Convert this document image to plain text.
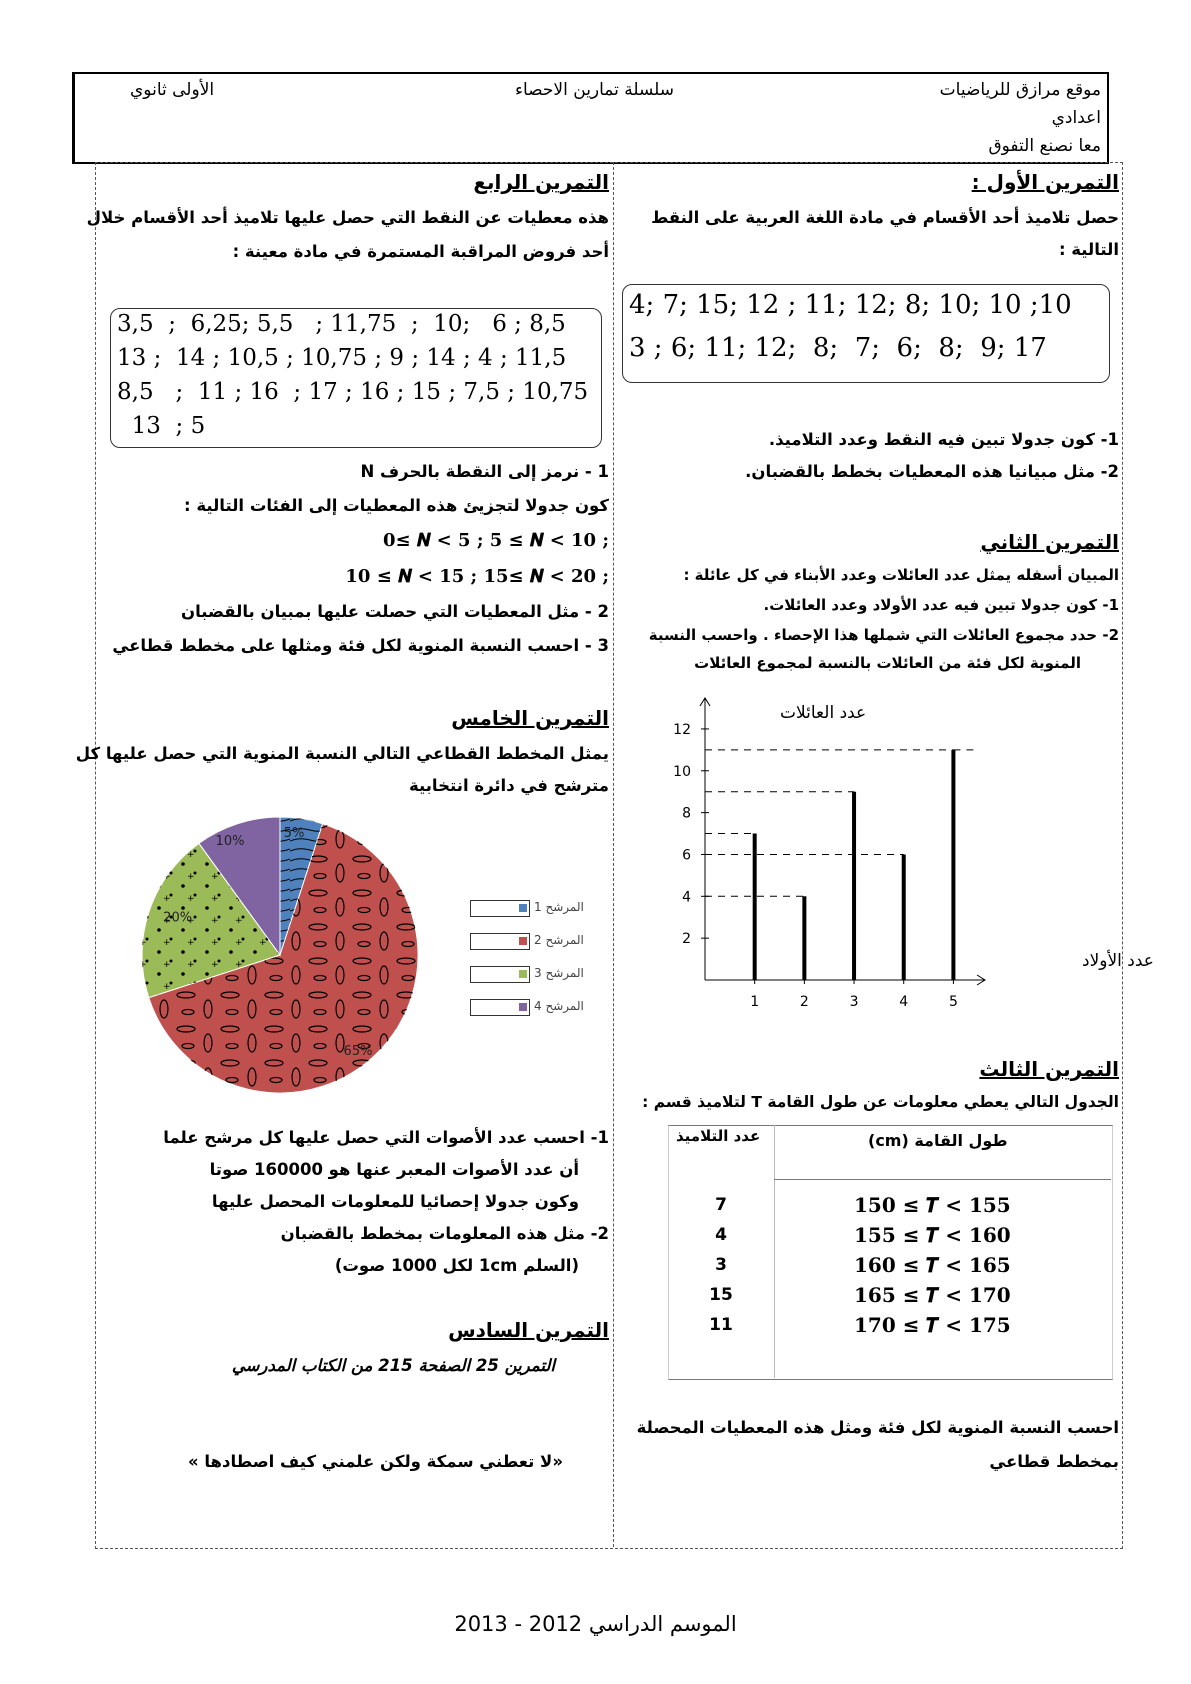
موقع مرازق للرياضيات
سلسلة تمارين الاحصاء
الأولى ثانوي
اعدادي
معا نصنع التفوق
التمرين الأول :
حصل تلاميذ أحد الأقسام في مادة اللغة العربية على النقط
التالية :
4; 7; 15; 12 ; 11; 12; 8; 10; 10 ;10
3 ; 6; 11; 12;  8;  7;  6;  8;  9; 17
1- كون جدولا تبين فيه النقط وعدد التلاميذ.
2- مثل مبيانيا هذه المعطيات بخطط بالقضبان.
التمرين الثاني
المبيان أسفله يمثل عدد العائلات وعدد الأبناء في كل عائلة :
1- كون جدولا تبين فيه عدد الأولاد وعدد العائلات.
2- حدد مجموع العائلات التي شملها هذا الإحصاء . واحسب النسبة
المنوية لكل فئة من العائلات بالنسبة لمجموع العائلات
2
4
6
8
10
12
1	2	3	4	5
عدد العائلات
عدد الأولاد
التمرين الثالث
الجدول التالي يعطي معلومات عن طول القامة T لتلاميذ قسم :
عدد التلاميذ	طول القامة (cm)
7	150 ≤ 𝑻 < 155
4	155 ≤ 𝑻 < 160
3	160 ≤ 𝑻 < 165
15	165 ≤ 𝑻 < 170
11	170 ≤ 𝑻 < 175
احسب النسبة المنوية لكل فئة ومثل هذه المعطيات المحصلة
بمخطط قطاعي
التمرين الرابع
هذه معطيات عن النقط التي حصل عليها تلاميذ أحد الأقسام خلال
أحد فروض المراقبة المستمرة في مادة معينة :
3,5  ;  6,25; 5,5   ; 11,75  ;  10;   6 ; 8,5
13 ;  14 ; 10,5 ; 10,75 ; 9 ; 14 ; 4 ; 11,5
8,5   ;  11 ; 16  ; 17 ; 16 ; 15 ; 7,5 ; 10,75
13  ; 5
1 - نرمز إلى النقطة بالحرف N
كون جدولا لتجزيئ هذه المعطيات إلى الفئات التالية :
0≤ 𝑵 < 5 ; 5 ≤ 𝑵 < 10 ;
10 ≤ 𝑵 < 15 ; 15≤ 𝑵 < 20 ;
2 - مثل المعطيات التي حصلت عليها بمبيان بالقضبان
3 - احسب النسبة المنوية لكل فئة ومثلها على مخطط قطاعي
التمرين الخامس
يمثل المخطط القطاعي التالي النسبة المنوية التي حصل عليها كل
مترشح في دائرة انتخابية
5%
65%
20%
10%
المرشح 1
المرشح 2
المرشح 3
المرشح 4
1- احسب عدد الأصوات التي حصل عليها كل مرشح علما
أن عدد الأصوات المعبر عنها هو 160000 صوتا
وكون جدولا إحصائيا للمعلومات المحصل عليها
2- مثل هذه المعلومات بمخطط بالقضبان
(السلم 1cm لكل 1000 صوت)
التمرين السادس
التمرين 25 الصفحة 215 من الكتاب المدرسي
«لا تعطني سمكة ولكن علمني كيف اصطادها »
الموسم الدراسي 2012 - 2013
